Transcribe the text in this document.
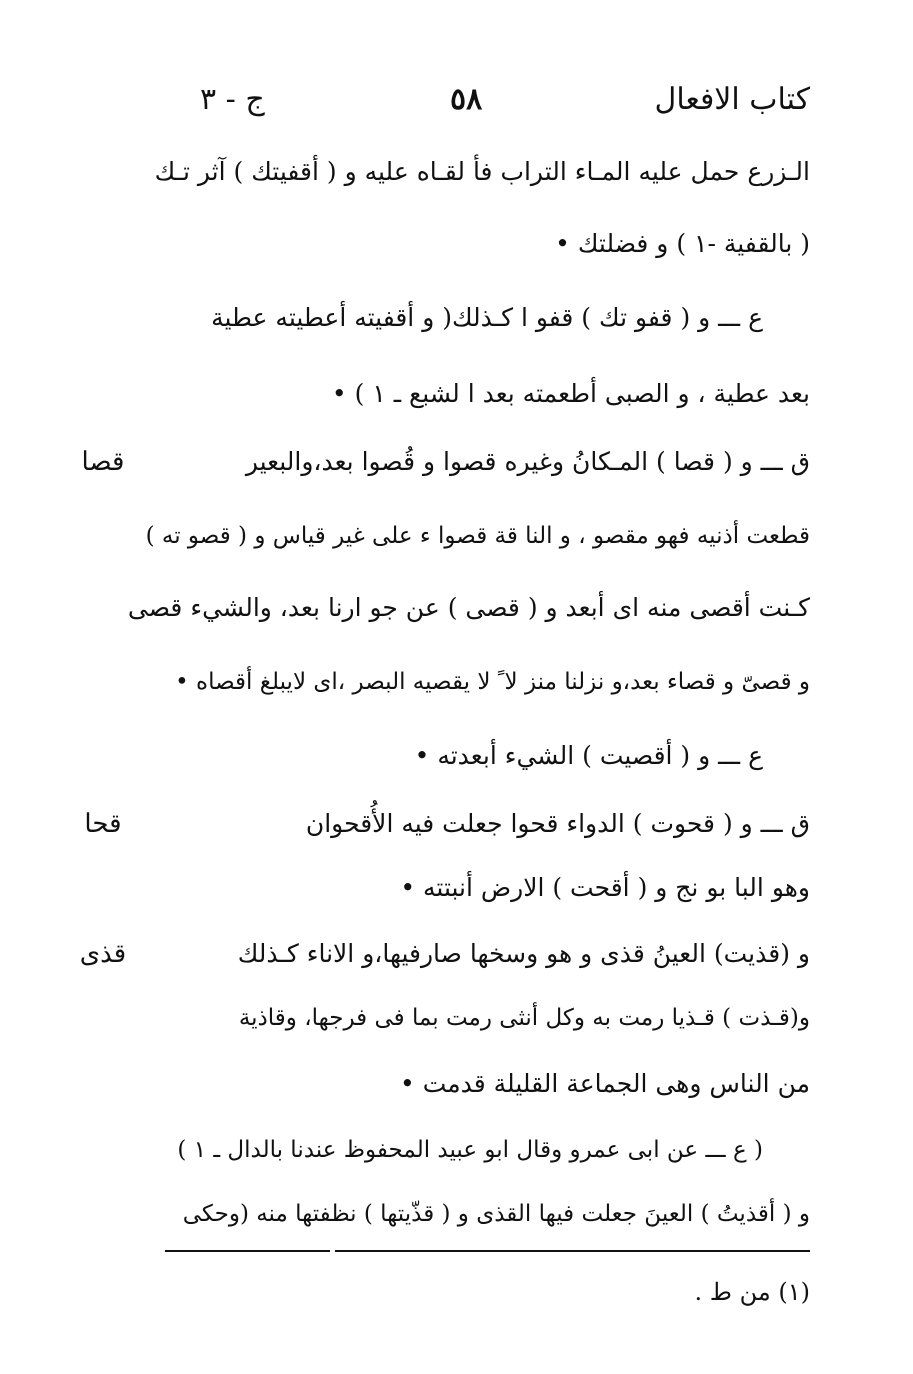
كتاب الافعال
٥٨
ج - ٣
الـزرع حمل عليه المـاء التراب فأ لقـاه عليه و ( أقفيتك ) آثر تـك
( بالقفية -١ ) و فضلتك •
ع ـــ و ( قفو تك ) قفو ا كـذلك( و أقفيته أعطيته عطية
بعد عطية ، و الصبى أطعمته بعد ا لشبع ـ ١ ) •
قصا	ق ـــ و ( قصا ) المـكانُ وغيره قصوا و قُصوا بعد،والبعير
قطعت أذنيه فهو مقصو ، و النا قة قصوا ء على غير قياس و ( قصو ته )
كـنت أقصى منه اى أبعد و ( قصى ) عن جو ارنا بعد، والشيء قصى
و قصىّ و قصاء بعد،و نزلنا منز لا ً لا يقصيه البصر ،اى لايبلغ أقصاه •
ع ـــ و ( أقصيت ) الشيء أبعدته •
قحا	ق ـــ و ( قحوت ) الدواء قحوا جعلت فيه الأُقحوان
وهو البا بو نج و ( أقحت ) الارض أنبتته •
قذى	و (قذيت) العينُ قذى و هو وسخها صارفيها،و الاناء كـذلك
و(قـذت ) قـذيا رمت به وكل أنثى رمت بما فى فرجها، وقاذية
من الناس وهى الجماعة القليلة قدمت •
( ع ـــ عن ابى عمرو وقال ابو عبيد المحفوظ عندنا بالدال ـ ١ )
و ( أقذيتُ ) العينَ جعلت فيها القذى و ( قذّيتها ) نظفتها منه (وحكى
(١) من ط .
